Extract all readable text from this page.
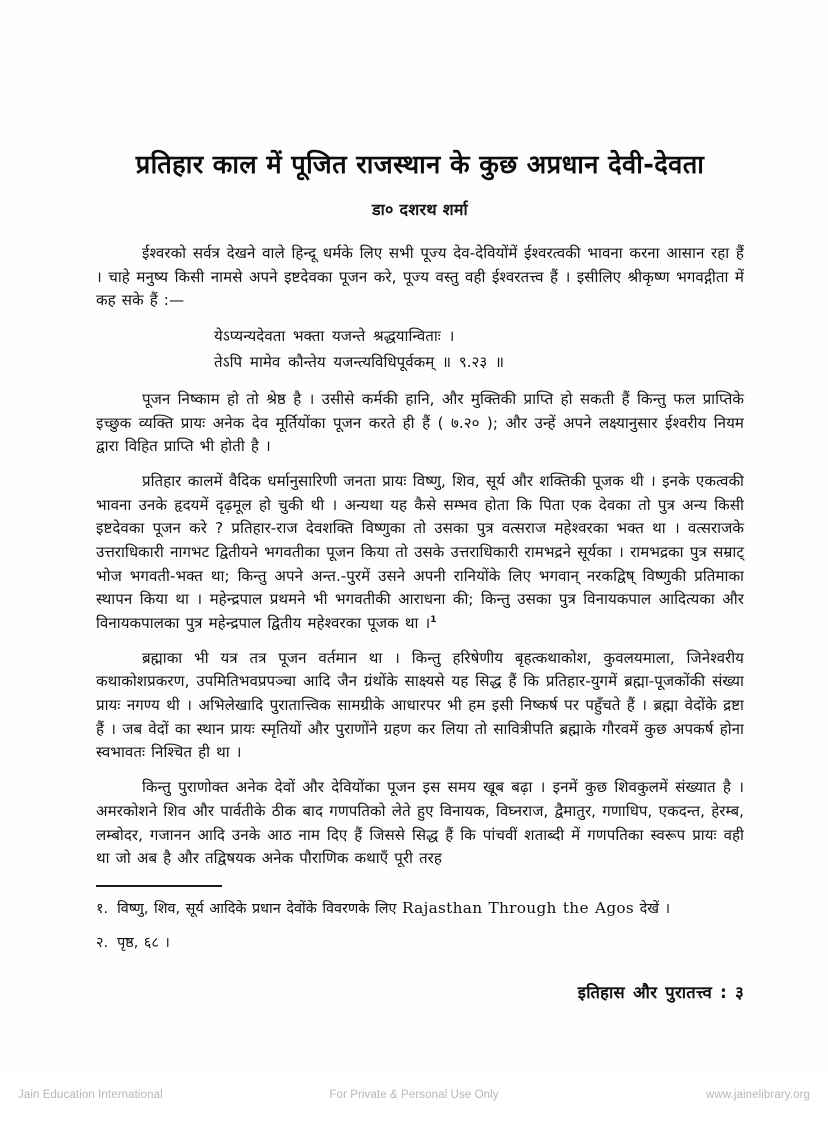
प्रतिहार काल में पूजित राजस्थान के कुछ अप्रधान देवी-देवता
डा० दशरथ शर्मा

ईश्वरको सर्वत्र देखने वाले हिन्दू धर्मके लिए सभी पूज्य देव-देवियोंमें ईश्वरत्वकी भावना करना आसान रहा हैं । चाहे मनुष्य किसी नामसे अपने इष्टदेवका पूजन करे, पूज्य वस्तु वही ईश्वरतत्त्व हैं । इसीलिए श्रीकृष्ण भगवद्गीता में कह सके हैं :—

येऽप्यन्यदेवता भक्ता यजन्ते श्रद्धयान्विताः ।
तेऽपि मामेव कौन्तेय यजन्त्यविधिपूर्वकम् ॥ ९.२३ ॥

पूजन निष्काम हो तो श्रेष्ठ है । उसीसे कर्मकी हानि, और मुक्तिकी प्राप्ति हो सकती हैं किन्तु फल प्राप्तिके इच्छुक व्यक्ति प्रायः अनेक देव मूर्तियोंका पूजन करते ही हैं ( ७.२० ); और उन्हें अपने लक्ष्यानुसार ईश्वरीय नियम द्वारा विहित प्राप्ति भी होती है ।

प्रतिहार कालमें वैदिक धर्मानुसारिणी जनता प्रायः विष्णु, शिव, सूर्य और शक्तिकी पूजक थी । इनके एकत्वकी भावना उनके हृदयमें दृढ़मूल हो चुकी थी । अन्यथा यह कैसे सम्भव होता कि पिता एक देवका तो पुत्र अन्य किसी इष्टदेवका पूजन करे ? प्रतिहार-राज देवशक्ति विष्णुका तो उसका पुत्र वत्सराज महेश्वरका भक्त था । वत्सराजके उत्तराधिकारी नागभट द्वितीयने भगवतीका पूजन किया तो उसके उत्तराधिकारी रामभद्रने सूर्यका । रामभद्रका पुत्र सम्राट् भोज भगवती-भक्त था; किन्तु अपने अन्त.-पुरमें उसने अपनी रानियोंके लिए भगवान् नरकद्विष् विष्णुकी प्रतिमाका स्थापन किया था । महेन्द्रपाल प्रथमने भी भगवतीकी आराधना की; किन्तु उसका पुत्र विनायकपाल आदित्यका और विनायकपालका पुत्र महेन्द्रपाल द्वितीय महेश्वरका पूजक था ।$^1$

ब्रह्माका भी यत्र तत्र पूजन वर्तमान था । किन्तु हरिषेणीय बृहत्कथाकोश, कुवलयमाला, जिनेश्वरीय कथाकोशप्रकरण, उपमितिभवप्रपञ्चा आदि जैन ग्रंथोंके साक्ष्यसे यह सिद्ध हैं कि प्रतिहार-युगमें ब्रह्मा-पूजकोंकी संख्या प्रायः नगण्य थी । अभिलेखादि पुरातात्त्विक सामग्रीके आधारपर भी हम इसी निष्कर्ष पर पहुँचते हैं । ब्रह्मा वेदोंके द्रष्टा हैं । जब वेदों का स्थान प्रायः स्मृतियों और पुराणोंने ग्रहण कर लिया तो सावित्रीपति ब्रह्माके गौरवमें कुछ अपकर्ष होना स्वभावतः निश्चित ही था ।

किन्तु पुराणोक्त अनेक देवों और देवियोंका पूजन इस समय खूब बढ़ा । इनमें कुछ शिवकुलमें संख्यात है । अमरकोशने शिव और पार्वतीके ठीक बाद गणपतिको लेते हुए विनायक, विघ्नराज, द्वैमातुर, गणाधिप, एकदन्त, हेरम्ब, लम्बोदर, गजानन आदि उनके आठ नाम दिए हैं जिससे सिद्ध हैं कि पांचवीं शताब्दी में गणपतिका स्वरूप प्रायः वही था जो अब है और तद्विषयक अनेक पौराणिक कथाएँ पूरी तरह

१. विष्णु, शिव, सूर्य आदिके प्रधान देवोंके विवरणके लिए Rajasthan Through the Agos देखें ।
२. पृष्ठ, ६८ ।
इतिहास और पुरातत्त्व : ३
Jain Education International	For Private & Personal Use Only	www.jainelibrary.org
